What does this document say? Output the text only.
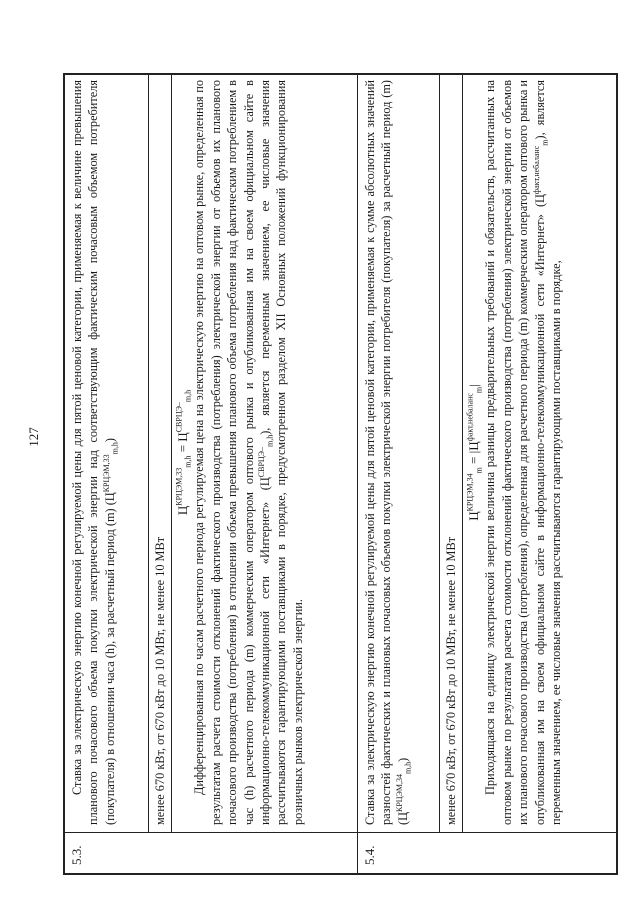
127
5.3.

Ставка за электрическую энергию конечной регулируемой цены для пятой ценовой категории, применяемая к величине превышения планового почасового объема покупки электрической энергии над соответствующим фактическим почасовым объемом потребителя (покупателя) в отношении часа (h), за расчетный период (m) $(Ц^{КРЦЭМ,33}_{m,h})$

менее 670 кВт, от 670 кВт до 10 МВт, не менее 10 МВт

$Ц^{КРЦЭМ,33}_{m,h} = Ц^{СВРЦЭ-}_{m,h}$ Дифференцированная по часам расчетного периода регулируемая цена на электрическую энергию на оптовом рынке, определенная по результатам расчета стоимости отклонений фактического производства (потребления) электрической энергии от объемов их планового почасового производства (потребления) в отношении объема превышения планового объема потребления над фактическим потреблением в час (h) расчетного периода (m) коммерческим оператором оптового рынка и опубликованная им на своем официальном сайте в информационно-телекоммуникационной сети «Интернет» $(Ц^{СВРЦЭ-}_{m,h})$, является переменным значением, ее числовые значения рассчитываются гарантирующими поставщиками в порядке, предусмотренном разделом XII Основных положений функционирования розничных рынков электрической энергии.

5.4.

Ставка за электрическую энергию конечной регулируемой цены для пятой ценовой категории, применяемая к сумме абсолютных значений разностей фактических и плановых почасовых объемов покупки электрической энергии потребителя (покупателя) за расчетный период (m) $(Ц^{КРЦЭМ,34}_{m,h})$	менее 670 кВт, от 670 кВт до 10 МВт, не менее 10 МВт

$Ц^{КРЦЭМ,34}_m = |Ц^{факт,небаланс}_m|$ Приходящаяся на единицу электрической энергии величина разницы предварительных требований и обязательств, рассчитанных на оптовом рынке по результатам расчета стоимости отклонений фактического производства (потребления) электрической энергии от объемов их планового почасового производства (потребления), определенная для расчетного периода (m) коммерческим оператором оптового рынка и опубликованная им на своем официальном сайте в информационно-телекоммуникационной сети «Интернет» $(Ц^{факт,небаланс}_m)$, является переменным значением, ее числовые значения рассчитываются гарантирующими поставщиками в порядке,
